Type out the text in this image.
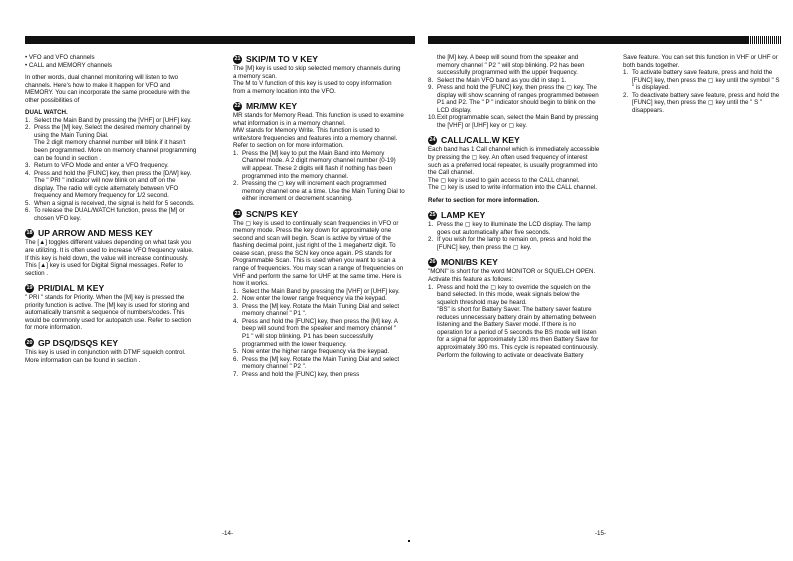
• VFO and VFO channels

• CALL and MEMORY channels

In other words, dual channel monitoring will listen to two channels. Here's how to make it happen for VFO and MEMORY. You can incorporate the same procedure with the other possibilities of

DUAL WATCH.

1. Select the Main Band by pressing the [VHF] or [UHF] key.
2. Press the [M] key. Select the desired memory channel by using the Main Tuning Dial.
The 2 digit memory channel number will blink if it hasn't been programmed. More on memory channel programming can be found in section .
3. Return to VFO Mode and enter a VFO frequency.
4. Press and hold the [FUNC] key, then press the [D/W] key. The " PRI " indicator will now blink on and off on the display. The radio will cycle alternately between VFO frequency and Memory frequency for 1/2 second.
5. When a signal is received, the signal is held for 5 seconds.
6. To release the DUAL/WATCH function, press the [M] or chosen VFO key.
18 UP ARROW AND MESS KEY

The [▲] toggles different values depending on what task you are utilizing. It is often used to increase VFO frequency value. If this key is held down, the value will increase continuously. This [▲] key is used for Digital Signal messages. Refer to section .

19 PRI/DIAL M KEY

" PRI " stands for Priority. When the [M] key is pressed the priority function is active. The [M] key is used for storing and automatically transmit a sequence of numbers/codes. This would be commonly used for autopatch use. Refer to section for more information.

20 GP DSQ/DSQS KEY

This key is used in conjunction with DTMF squelch control. More information can be found in section .

21 SKIP/M TO V KEY

The [M] key is used to skip selected memory channels during a memory scan.

The M to V function of this key is used to copy information from a memory location into the VFO.

22 MR/MW KEY

MR stands for Memory Read. This function is used to examine what information is in a memory channel.

MW stands for Memory Write. This function is used to write/store frequencies and features into a memory channel. Refer to section on for more information.

1. Press the [M] key to put the Main Band into Memory Channel mode. A 2 digit memory channel number (0-19) will appear. These 2 digits will flash if nothing has been programmed into the memory channel.
2. Pressing the ▢ key will increment each programmed memory channel one at a time. Use the Main Tuning Dial to either increment or decrement scanning.
23 SCN/PS KEY

The ▢ key is used to continually scan frequencies in VFO or memory mode. Press the key down for approximately one second and scan will begin. Scan is active by virtue of the flashing decimal point, just right of the 1 megahertz digit. To cease scan, press the SCN key once again. PS stands for Programmable Scan. This is used when you want to scan a range of frequencies. You may scan a range of frequencies on VHF and perform the same for UHF at the same time. Here is how it works.

1. Select the Main Band by pressing the [VHF] or [UHF] key.
2. Now enter the lower range frequency via the keypad.
3. Press the [M] key. Rotate the Main Tuning Dial and select memory channel " P1 ".
4. Press and hold the [FUNC] key, then press the [M] key. A beep will sound from the speaker and memory channel " P1 " will stop blinking. P1 has been successfully programmed with the lower frequency.
5. Now enter the higher range frequency via the keypad.
6. Press the [M] key. Rotate the Main Tuning Dial and select memory channel " P2 ".
7. Press and hold the [FUNC] key, then press
the [M] key. A beep will sound from the speaker and memory channel " P2 " will stop blinking. P2 has been successfully programmed with the upper frequency.
8. Select the Main VFO band as you did in step 1.
9. Press and hold the [FUNC] key, then press the ▢ key. The display will show scanning of ranges programmed between P1 and P2. The " P " indicator should begin to blink on the LCD display.
10. Exit programmable scan, select the Main Band by pressing the [VHF] or [UHF] key or ▢ key.
24 CALL/CALL.W KEY

Each band has 1 Call channel which is immediately accessible by pressing the ▢ key. An often used frequency of interest such as a preferred local repeater, is usually programmed into the Call channel.

The ▢ key is used to gain access to the CALL channel.

The ▢ key is used to write information into the CALL channel.

Refer to section for more information.

25 LAMP KEY
1. Press the ▢ key to illuminate the LCD display. The lamp goes out automatically after five seconds.
2. If you wish for the lamp to remain on, press and hold the [FUNC] key, then press the ▢ key.
26 MONI/BS KEY

"MONI" is short for the word MONITOR or SQUELCH OPEN. Activate this feature as follows:

1. Press and hold the ▢ key to override the squelch on the band selected. In this mode, weak signals below the squelch threshold may be heard.
"BS" is short for Battery Saver. The battery saver feature reduces unnecessary battery drain by alternating between listening and the Battery Saver mode. If there is no operation for a period of 5 seconds the BS mode will listen for a signal for approximately 130 ms then Battery Save for approximately 390 ms. This cycle is repeated continuously. Perform the following to activate or deactivate Battery

Save feature. You can set this function in VHF or UHF or both bands together.

1. To activate battery save feature, press and hold the [FUNC] key, then press the ▢ key until the symbol " S " is displayed.
2. To deactivate battery save feature, press and hold the [FUNC] key, then press the ▢ key until the " S " disappears.
-14-	-15-
